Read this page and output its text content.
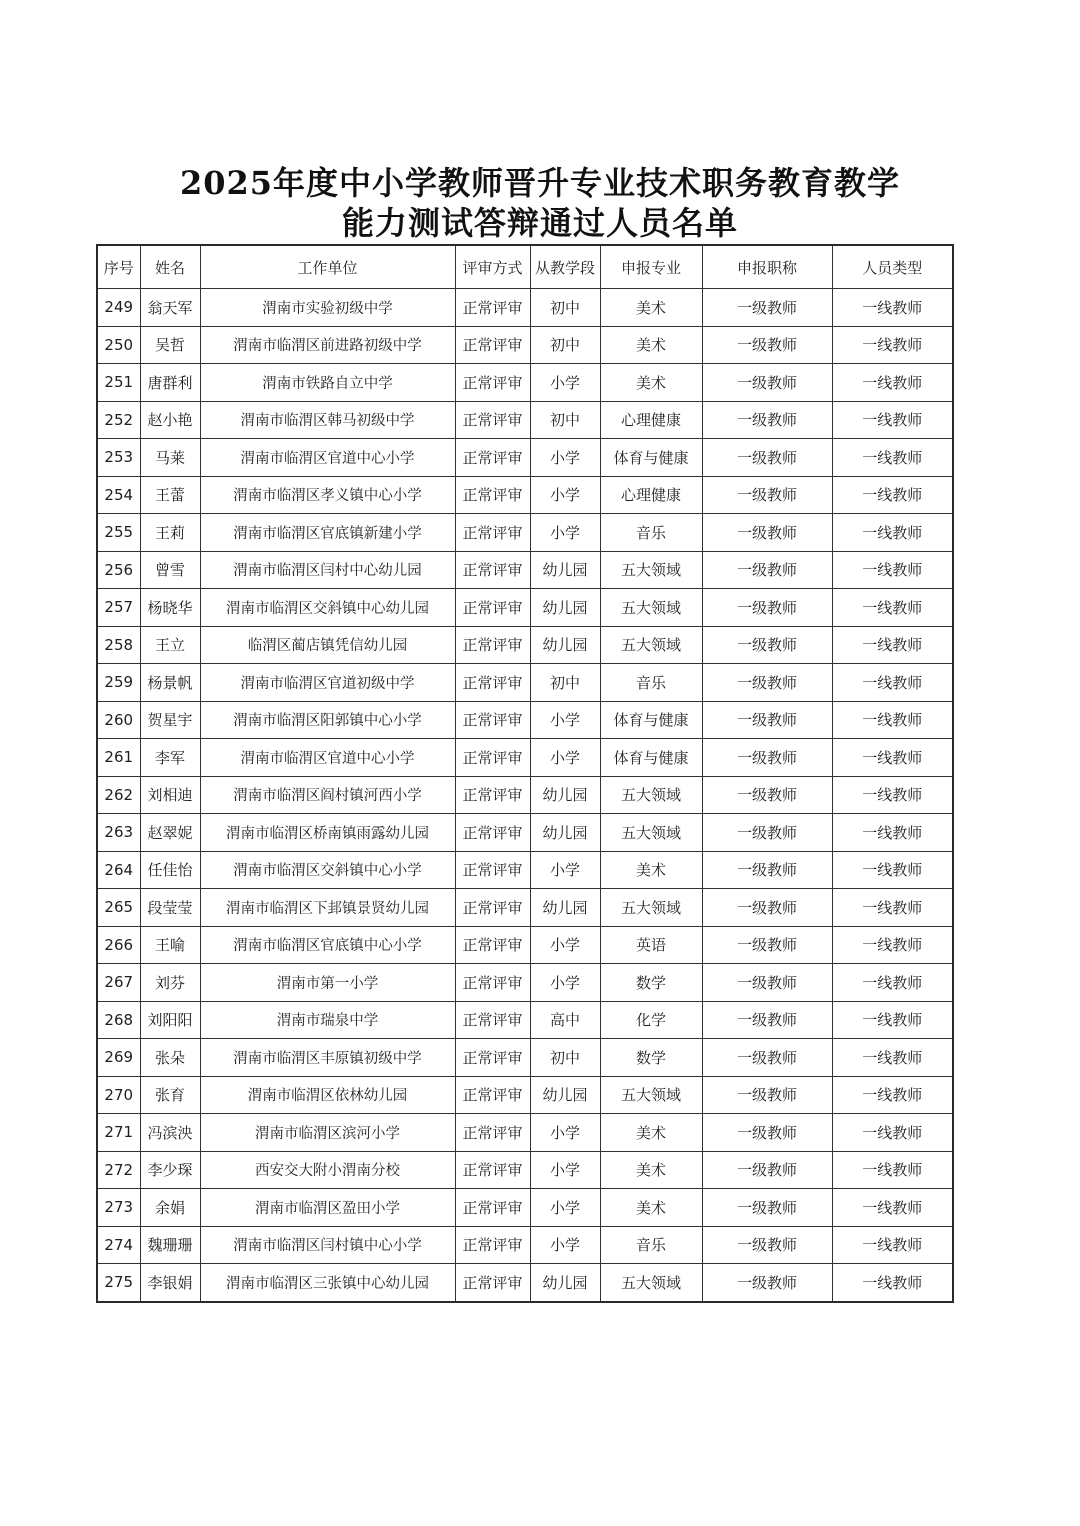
2025年度中小学教师晋升专业技术职务教育教学
能力测试答辩通过人员名单
序号	姓名	工作单位	评审方式	从教学段	申报专业	申报职称	人员类型
249	翁天军	渭南市实验初级中学	正常评审	初中	美术	一级教师	一线教师
250	吴哲	渭南市临渭区前进路初级中学	正常评审	初中	美术	一级教师	一线教师
251	唐群利	渭南市铁路自立中学	正常评审	小学	美术	一级教师	一线教师
252	赵小艳	渭南市临渭区韩马初级中学	正常评审	初中	心理健康	一级教师	一线教师
253	马莱	渭南市临渭区官道中心小学	正常评审	小学	体育与健康	一级教师	一线教师
254	王蕾	渭南市临渭区孝义镇中心小学	正常评审	小学	心理健康	一级教师	一线教师
255	王莉	渭南市临渭区官底镇新建小学	正常评审	小学	音乐	一级教师	一线教师
256	曾雪	渭南市临渭区闫村中心幼儿园	正常评审	幼儿园	五大领域	一级教师	一线教师
257	杨晓华	渭南市临渭区交斜镇中心幼儿园	正常评审	幼儿园	五大领域	一级教师	一线教师
258	王立	临渭区蔺店镇凭信幼儿园	正常评审	幼儿园	五大领域	一级教师	一线教师
259	杨景帆	渭南市临渭区官道初级中学	正常评审	初中	音乐	一级教师	一线教师
260	贺星宇	渭南市临渭区阳郭镇中心小学	正常评审	小学	体育与健康	一级教师	一线教师
261	李军	渭南市临渭区官道中心小学	正常评审	小学	体育与健康	一级教师	一线教师
262	刘相迪	渭南市临渭区阎村镇河西小学	正常评审	幼儿园	五大领域	一级教师	一线教师
263	赵翠妮	渭南市临渭区桥南镇雨露幼儿园	正常评审	幼儿园	五大领域	一级教师	一线教师
264	任佳怡	渭南市临渭区交斜镇中心小学	正常评审	小学	美术	一级教师	一线教师
265	段莹莹	渭南市临渭区下邽镇景贤幼儿园	正常评审	幼儿园	五大领域	一级教师	一线教师
266	王喻	渭南市临渭区官底镇中心小学	正常评审	小学	英语	一级教师	一线教师
267	刘芬	渭南市第一小学	正常评审	小学	数学	一级教师	一线教师
268	刘阳阳	渭南市瑞泉中学	正常评审	高中	化学	一级教师	一线教师
269	张朵	渭南市临渭区丰原镇初级中学	正常评审	初中	数学	一级教师	一线教师
270	张育	渭南市临渭区依林幼儿园	正常评审	幼儿园	五大领域	一级教师	一线教师
271	冯滨泱	渭南市临渭区滨河小学	正常评审	小学	美术	一级教师	一线教师
272	李少琛	西安交大附小渭南分校	正常评审	小学	美术	一级教师	一线教师
273	余娟	渭南市临渭区盈田小学	正常评审	小学	美术	一级教师	一线教师
274	魏珊珊	渭南市临渭区闫村镇中心小学	正常评审	小学	音乐	一级教师	一线教师
275	李银娟	渭南市临渭区三张镇中心幼儿园	正常评审	幼儿园	五大领域	一级教师	一线教师
